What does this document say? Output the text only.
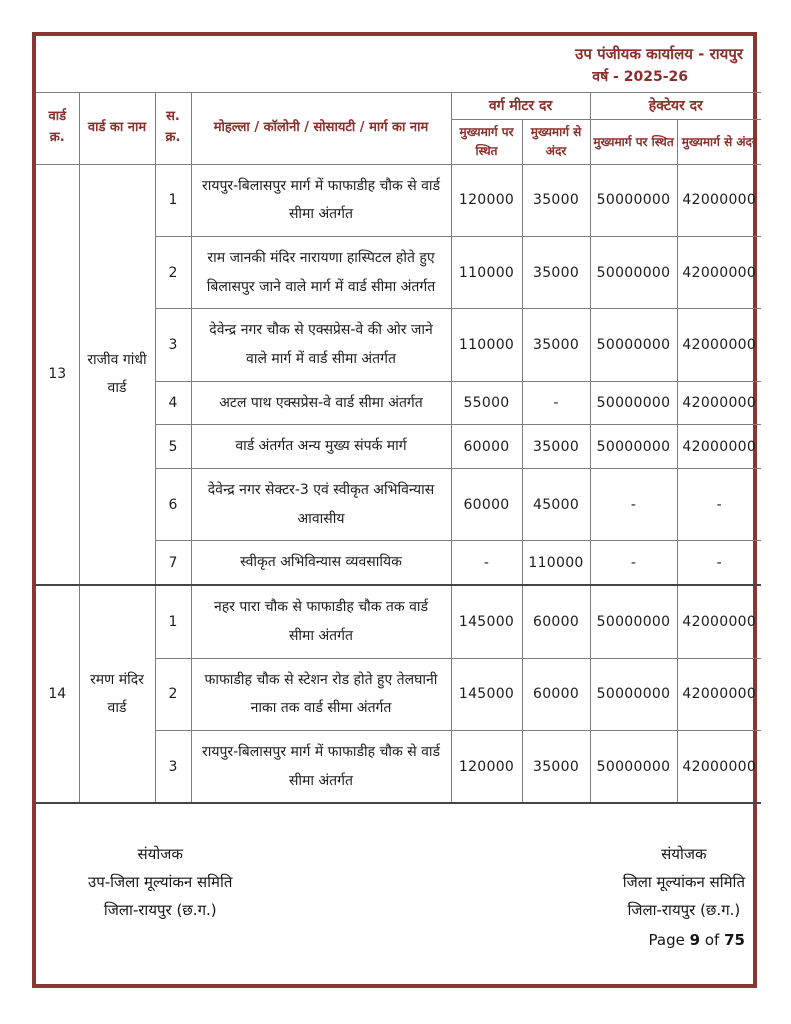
उप पंजीयक कार्यालय - रायपुर
वर्ष - 2025-26
वार्ड क्र.	वार्ड का नाम	स. क्र.	मोहल्ला / कॉलोनी / सोसायटी / मार्ग का नाम	वर्ग मीटर दर		हेक्टेयर दर	
				मुख्यमार्ग पर स्थित	मुख्यमार्ग से अंदर	मुख्यमार्ग पर स्थित	मुख्यमार्ग से अंदर
13	राजीव गांधी वार्ड	1	रायपुर-बिलासपुर मार्ग में फाफाडीह चौक से वार्ड सीमा अंतर्गत	120000	35000	50000000	42000000
		2	राम जानकी मंदिर नारायणा हास्पिटल होते हुए बिलासपुर जाने वाले मार्ग में वार्ड सीमा अंतर्गत	110000	35000	50000000	42000000
		3	देवेन्द्र नगर चौक से एक्सप्रेस-वे की ओर जाने वाले मार्ग में वार्ड सीमा अंतर्गत	110000	35000	50000000	42000000
		4	अटल पाथ एक्सप्रेस-वे वार्ड सीमा अंतर्गत	55000	-	50000000	42000000
		5	वार्ड अंतर्गत अन्य मुख्य संपर्क मार्ग	60000	35000	50000000	42000000
		6	देवेन्द्र नगर सेक्टर-3 एवं स्वीकृत अभिविन्यास आवासीय	60000	45000	-	-
		7	स्वीकृत अभिविन्यास व्यवसायिक	-	110000	-	-
14	रमण मंदिर वार्ड	1	नहर पारा चौक से फाफाडीह चौक तक वार्ड सीमा अंतर्गत	145000	60000	50000000	42000000
		2	फाफाडीह चौक से स्टेशन रोड होते हुए तेलघानी नाका तक वार्ड सीमा अंतर्गत	145000	60000	50000000	42000000
		3	रायपुर-बिलासपुर मार्ग में फाफाडीह चौक से वार्ड सीमा अंतर्गत	120000	35000	50000000	42000000
संयोजक
उप-जिला मूल्यांकन समिति
जिला-रायपुर (छ.ग.)
संयोजक
जिला मूल्यांकन समिति
जिला-रायपुर (छ.ग.)
Page 9 of 75
